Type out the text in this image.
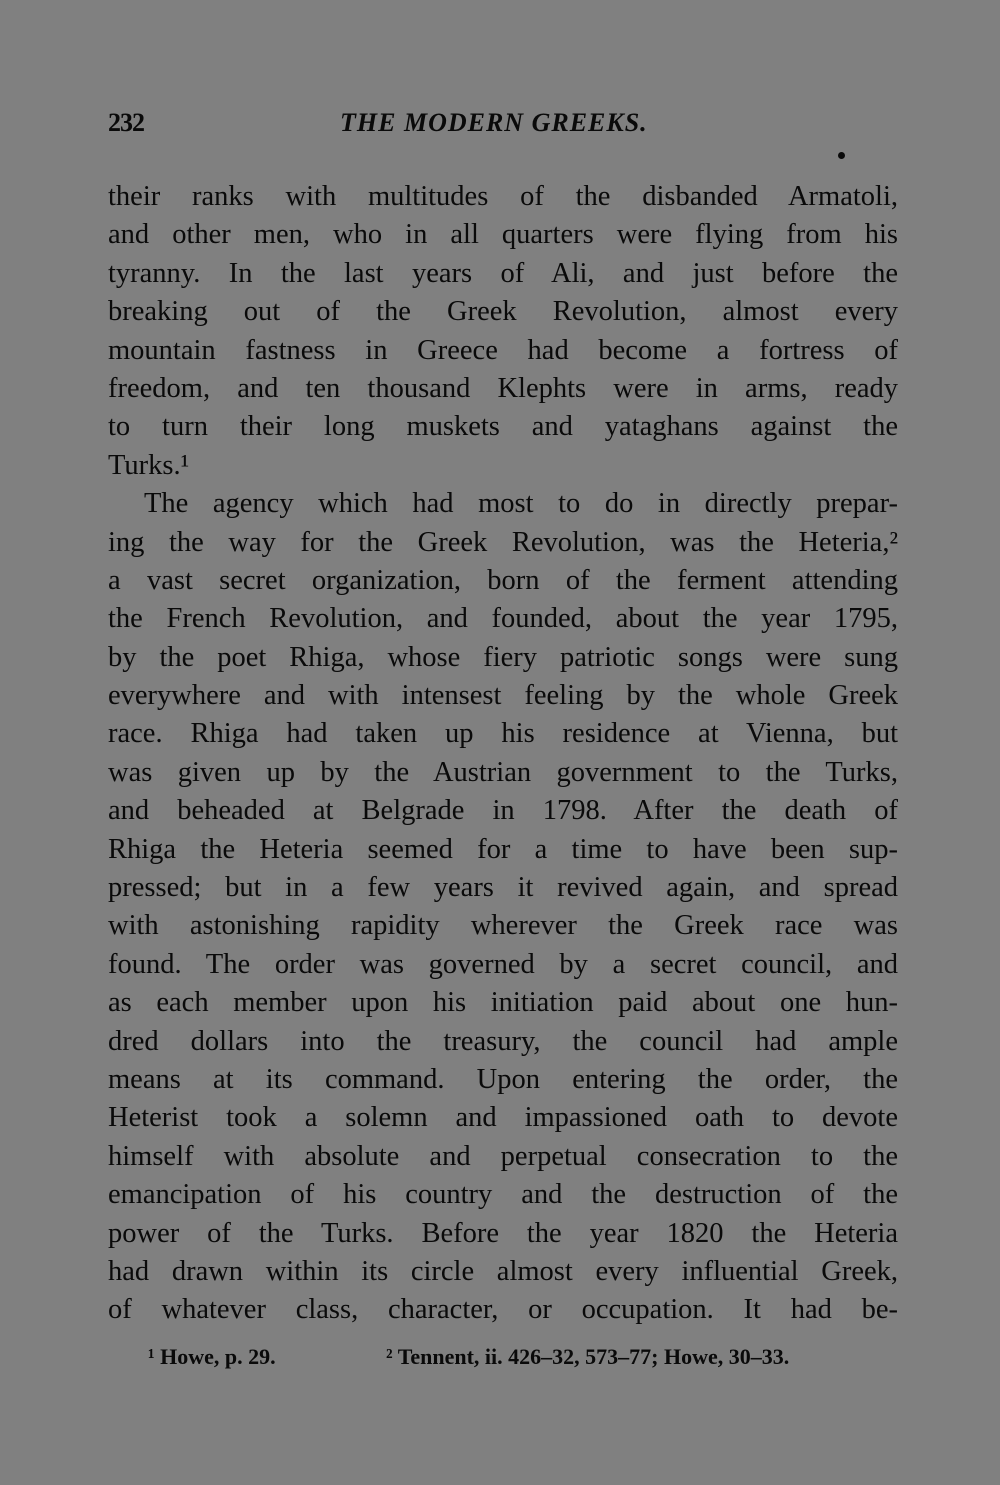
232	THE MODERN GREEKS.
their ranks with multitudes of the disbanded Armatoli,
and other men, who in all quarters were flying from his
tyranny. In the last years of Ali, and just before the
breaking out of the Greek Revolution, almost every
mountain fastness in Greece had become a fortress of
freedom, and ten thousand Klephts were in arms, ready
to turn their long muskets and yataghans against the
Turks.¹
The agency which had most to do in directly prepar-
ing the way for the Greek Revolution, was the Heteria,²
a vast secret organization, born of the ferment attending
the French Revolution, and founded, about the year 1795,
by the poet Rhiga, whose fiery patriotic songs were sung
everywhere and with intensest feeling by the whole Greek
race. Rhiga had taken up his residence at Vienna, but
was given up by the Austrian government to the Turks,
and beheaded at Belgrade in 1798. After the death of
Rhiga the Heteria seemed for a time to have been sup-
pressed; but in a few years it revived again, and spread
with astonishing rapidity wherever the Greek race was
found. The order was governed by a secret council, and
as each member upon his initiation paid about one hun-
dred dollars into the treasury, the council had ample
means at its command. Upon entering the order, the
Heterist took a solemn and impassioned oath to devote
himself with absolute and perpetual consecration to the
emancipation of his country and the destruction of the
power of the Turks. Before the year 1820 the Heteria
had drawn within its circle almost every influential Greek,
of whatever class, character, or occupation. It had be-
¹ Howe, p. 29.	² Tennent, ii. 426–32, 573–77; Howe, 30–33.
